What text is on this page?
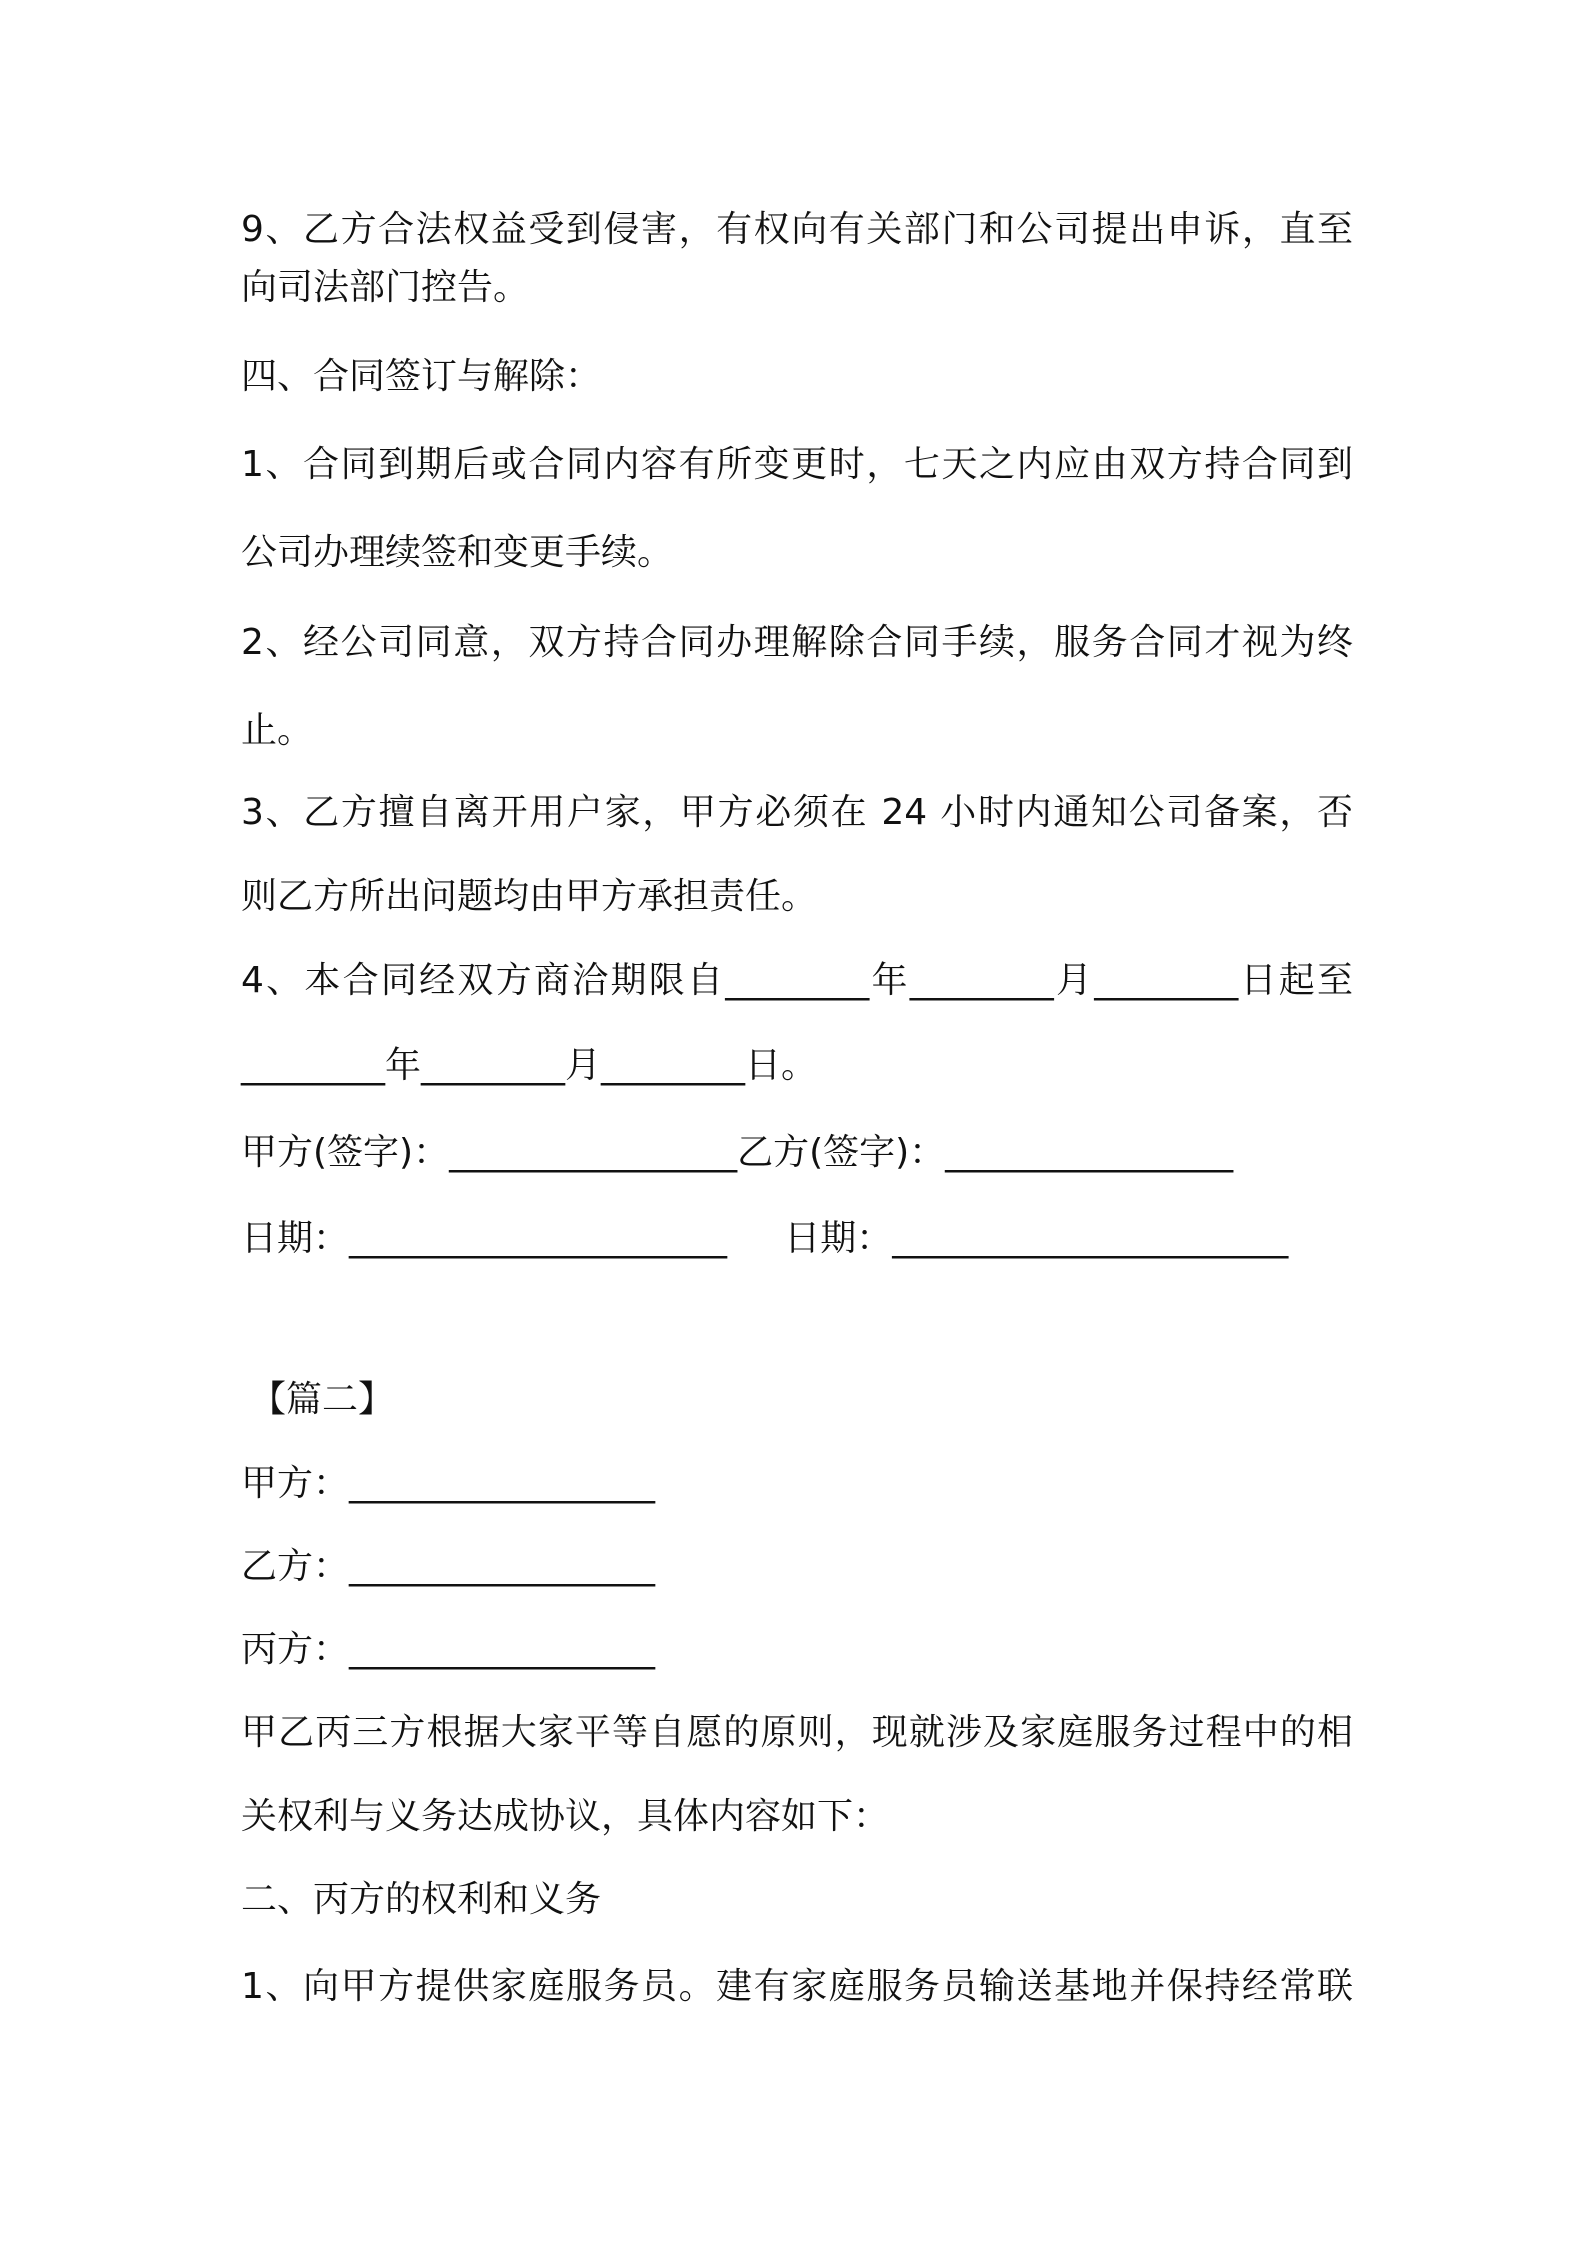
9、乙方合法权益受到侵害，有权向有关部门和公司提出申诉，直至
向司法部门控告。
四、合同签订与解除：
1、合同到期后或合同内容有所变更时，七天之内应由双方持合同到
公司办理续签和变更手续。
2、经公司同意，双方持合同办理解除合同手续，服务合同才视为终
止。
3、乙方擅自离开用户家，甲方必须在 24 小时内通知公司备案，否
则乙方所出问题均由甲方承担责任。
4、本合同经双方商洽期限自________年________月________日起至
________年________月________日。
甲方(签字)：________________乙方(签字)：________________
日期：_____________________     日期：______________________
【篇二】
甲方：_________________
乙方：_________________
丙方：_________________
甲乙丙三方根据大家平等自愿的原则，现就涉及家庭服务过程中的相
关权利与义务达成协议，具体内容如下：
二、丙方的权利和义务
1、向甲方提供家庭服务员。建有家庭服务员输送基地并保持经常联
